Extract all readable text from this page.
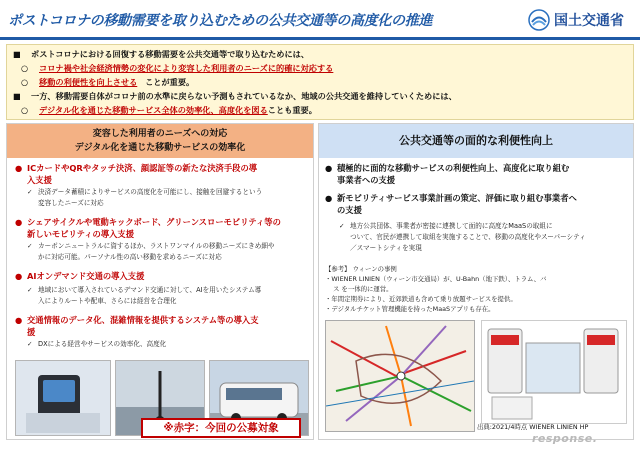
ポストコロナの移動需要を取り込むための公共交通等の高度化の推進	国土交通省
■ ポストコロナにおける回復する移動需要を公共交通等で取り込むためには、
○ コロナ禍や社会経済情勢の変化により変容した利用者のニーズに的確に対応する
○ 移動の利便性を向上させる ことが重要。
■ 一方、移動需要自体がコロナ前の水準に戻らない予測もされているなか、地域の公共交通を維持していくためには、
○ デジタル化を通じた移動サービス全体の効率化、高度化を図ることも重要。
変容した利用者のニーズへの対応
デジタル化を通じた移動サービスの効率化
● ICカードやQRやタッチ決済、顔認証等の新たな決済手段の導
入支援
✓ 決済データ蓄積によりサービスの高度化を可能にし、接触を回避するという
変容したニーズに対応
● シェアサイクルや電動キックボード、グリーンスローモビリティ等の
新しいモビリティの導入支援
✓ カーボンニュートラルに資するほか、ラストワンマイルの移動ニーズにきめ細や
かに対応可能。パーソナル性の高い移動を求めるニーズに対応
● AIオンデマンド交通の導入支援
✓ 地域において導入されているデマンド交通に対して、AIを用いたシステム導
入によりルートや配車、さらには経営を合理化
● 交通情報のデータ化、混雑情報を提供するシステム等の導入支
援
✓ DXによる経営やサービスの効率化、高度化
※赤字：今回の公募対象
公共交通等の面的な利便性向上
● 積極的に面的な移動サービスの利便性向上、高度化に取り組む
事業者への支援
● 新モビリティサービス事業計画の策定、評価に取り組む事業者へ
の支援
✓ 地方公共団体、事業者が密接に連携して面的に高度なMaaSの取組に
ついて、官民が連携して取組を実施することで、移動の高度化やスーパーシティ
／スマートシティを実現
【参考】 ウィーンの事例
・WIENER LINIEN（ウィーン市交通局）が、U-Bahn（地下鉄）、トラム、バ
ス を一体的に運営。
・年間定期券により、近郊鉄道も含めて乗り放題サービスを提供。
・デジタルチケット管理機能を持ったMaaSアプリも存在。
出典:2021/4時点 WIENER LINIEN HP
response.
